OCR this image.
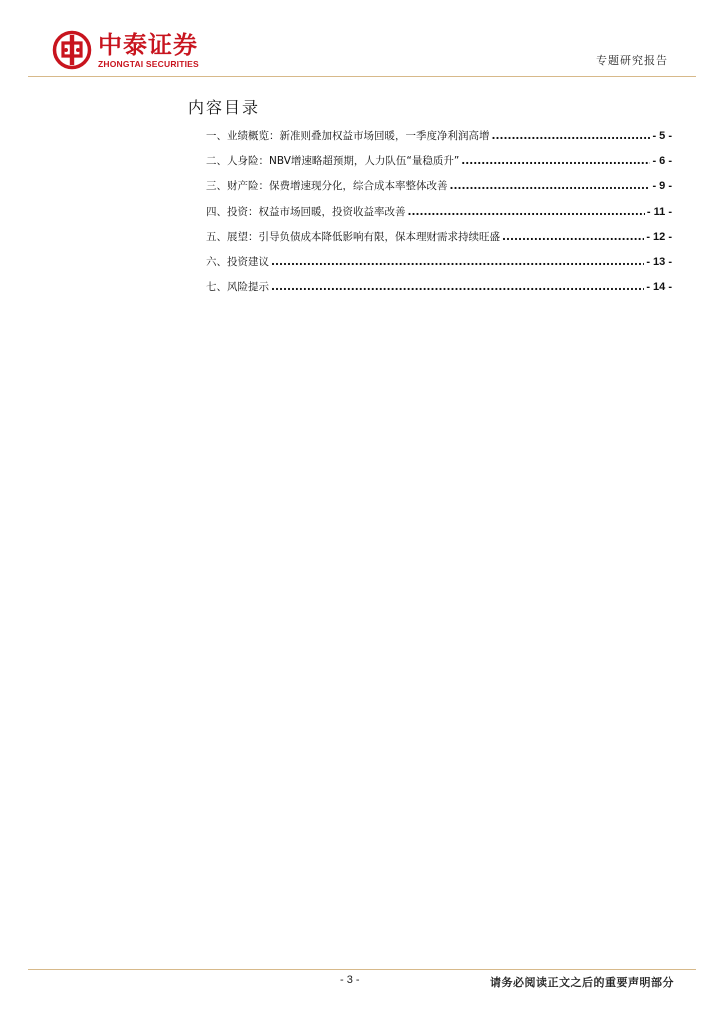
中泰证券
ZHONGTAI SECURITIES	专题研究报告
内容目录
一、业绩概览：新准则叠加权益市场回暖，一季度净利润高增 .....	- 5 -
二、人身险：NBV增速略超预期，人力队伍“量稳质升” .....	- 6 -
三、财产险：保费增速现分化，综合成本率整体改善 .....	- 9 -
四、投资：权益市场回暖，投资收益率改善 .....	- 11 -
五、展望：引导负债成本降低影响有限，保本理财需求持续旺盛 .....	- 12 -
六、投资建议 .....	- 13 -
七、风险提示 .....	- 14 -
- 3 -	请务必阅读正文之后的重要声明部分
